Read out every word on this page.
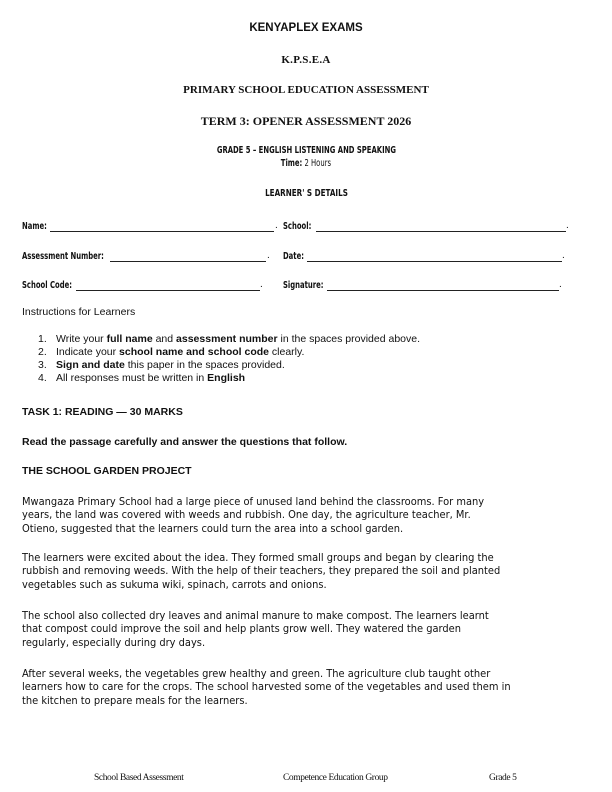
KENYAPLEX EXAMS
K.P.S.E.A
PRIMARY SCHOOL EDUCATION ASSESSMENT
TERM 3: OPENER ASSESSMENT 2026
GRADE 5 – ENGLISH LISTENING AND SPEAKING
Time: 2 Hours
LEARNER' S DETAILS
Name:	. School:	.
Assessment Number:	. Date:	.
School Code:	. Signature:	.
Instructions for Learners
1. Write your full name and assessment number in the spaces provided above.
2. Indicate your school name and school code clearly.
3. Sign and date this paper in the spaces provided.
4. All responses must be written in English
TASK 1: READING — 30 MARKS
Read the passage carefully and answer the questions that follow.
THE SCHOOL GARDEN PROJECT
Mwangaza Primary School had a large piece of unused land behind the classrooms. For many
years, the land was covered with weeds and rubbish. One day, the agriculture teacher, Mr.
Otieno, suggested that the learners could turn the area into a school garden.
The learners were excited about the idea. They formed small groups and began by clearing the
rubbish and removing weeds. With the help of their teachers, they prepared the soil and planted
vegetables such as sukuma wiki, spinach, carrots and onions.
The school also collected dry leaves and animal manure to make compost. The learners learnt
that compost could improve the soil and help plants grow well. They watered the garden
regularly, especially during dry days.
After several weeks, the vegetables grew healthy and green. The agriculture club taught other
learners how to care for the crops. The school harvested some of the vegetables and used them in
the kitchen to prepare meals for the learners.
School Based Assessment	Competence Education Group	Grade 5
